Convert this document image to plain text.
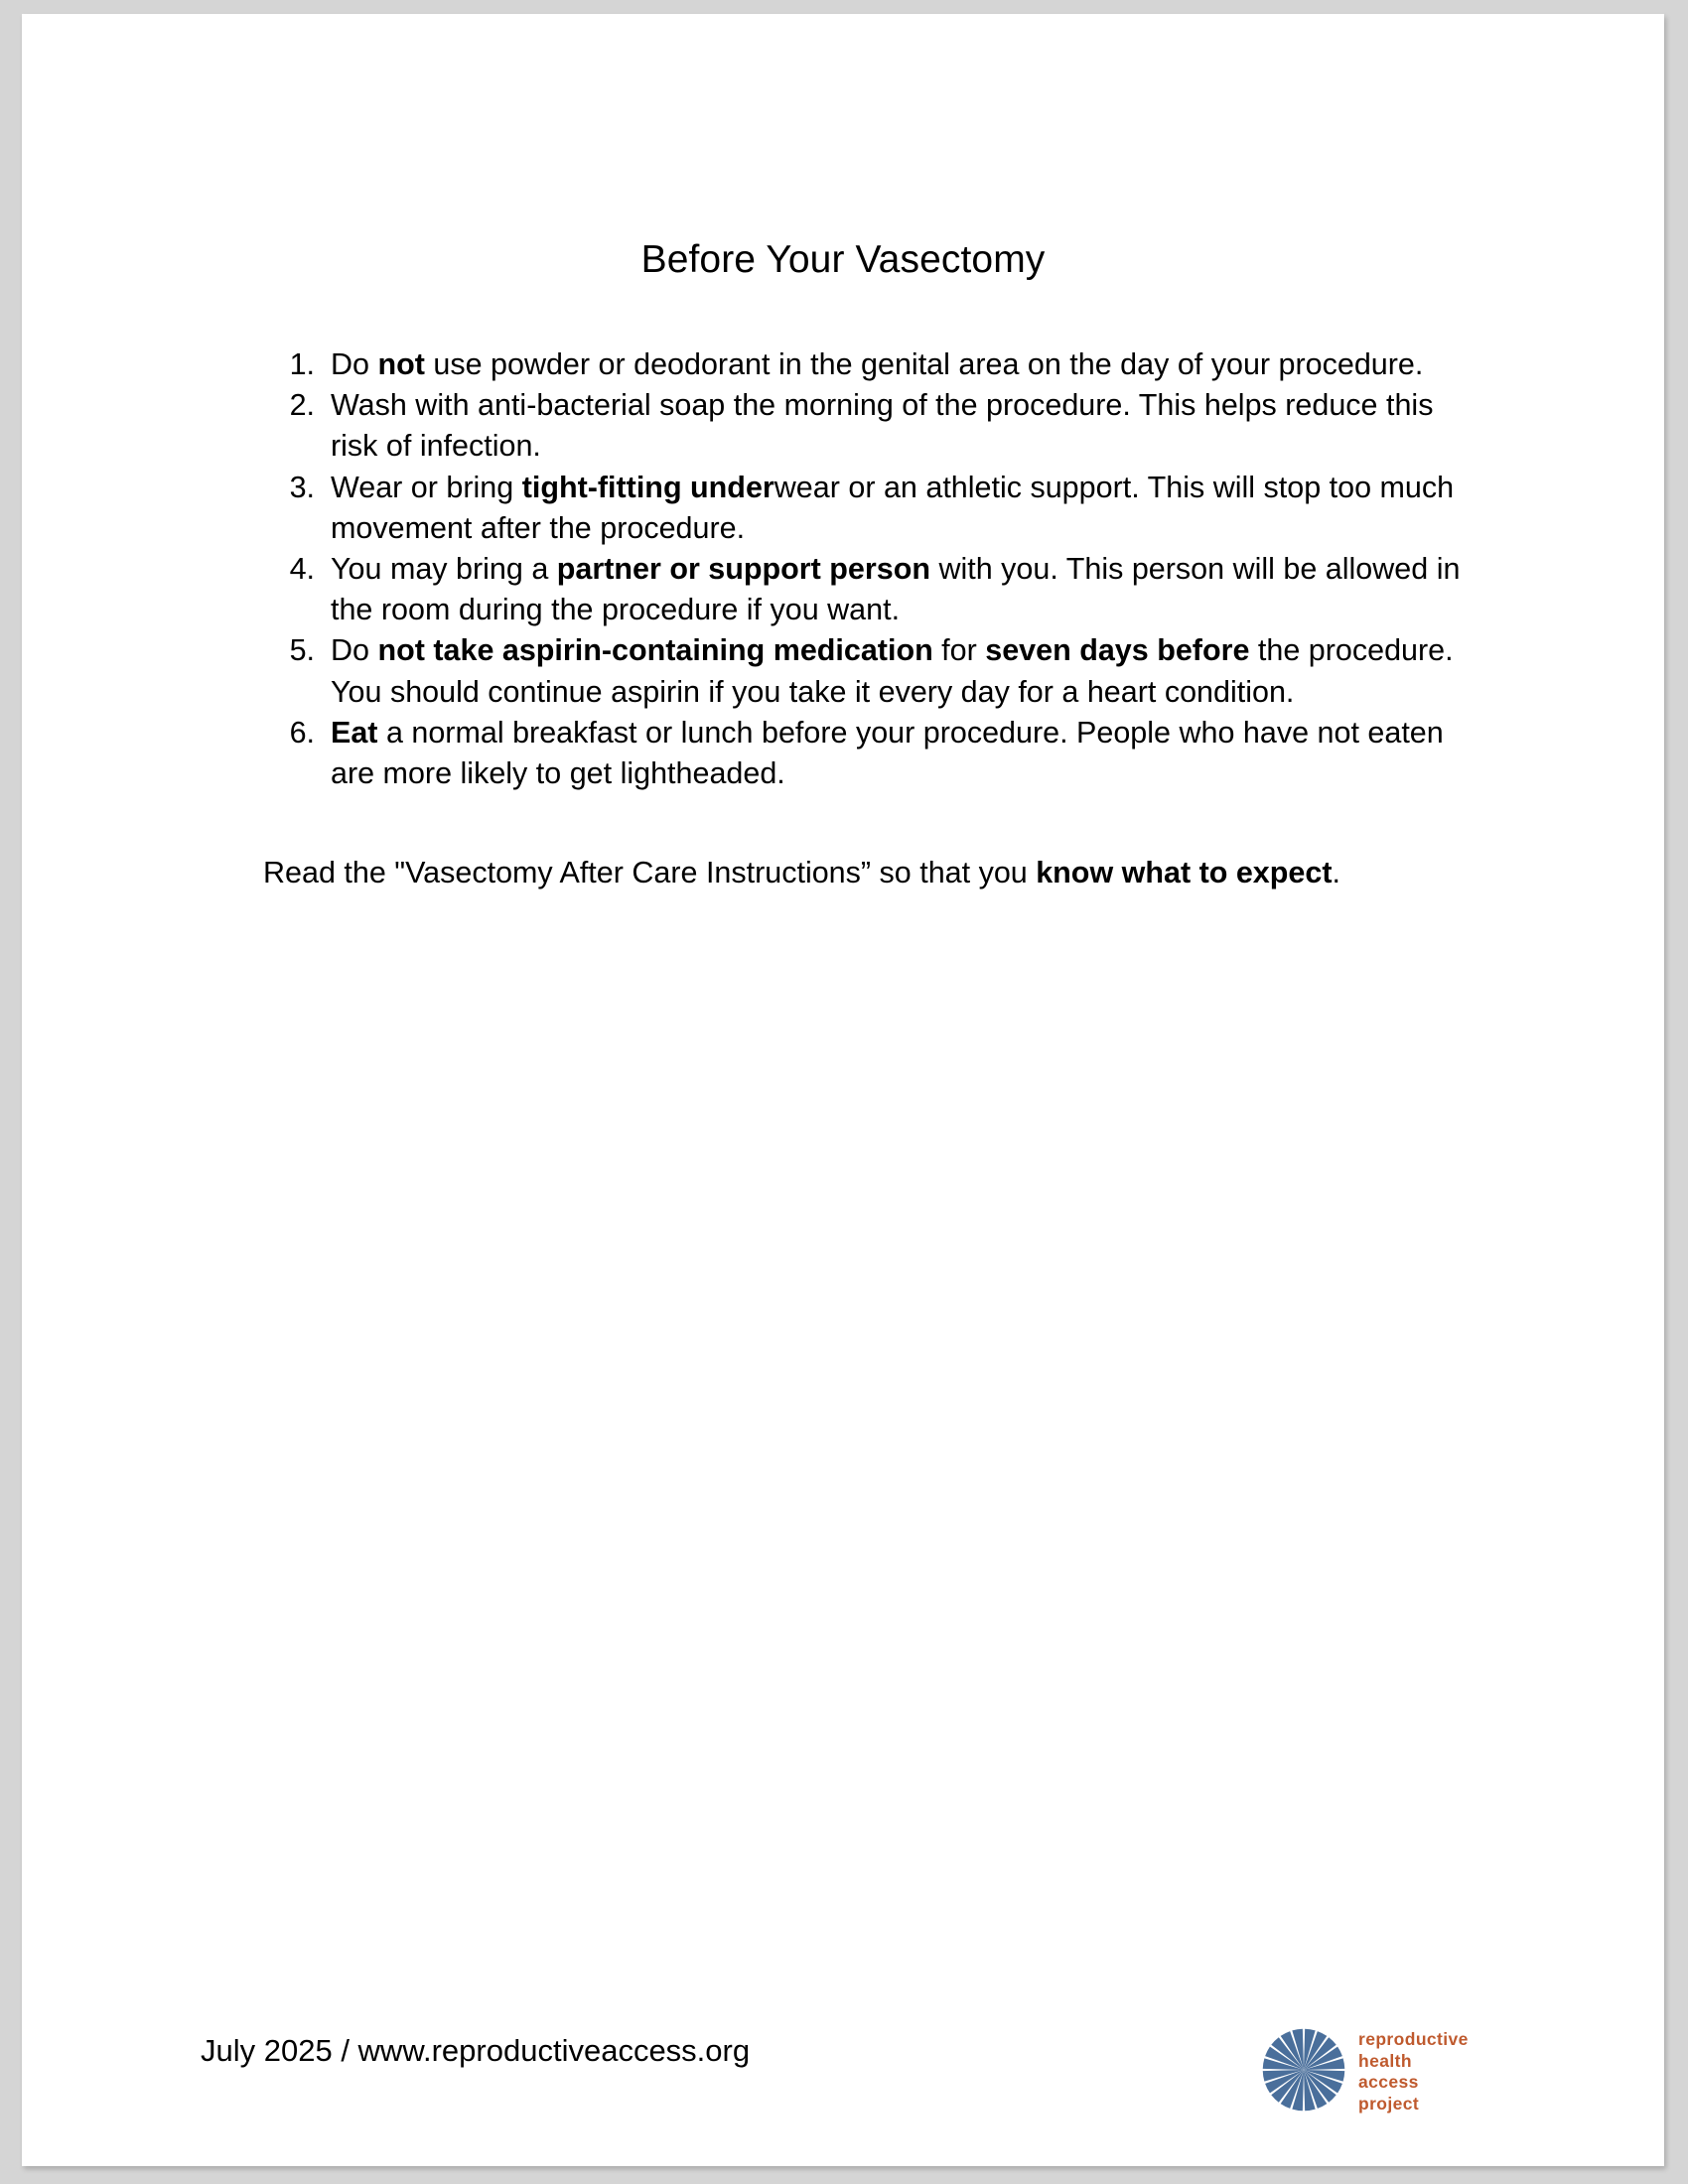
Before Your Vasectomy
1. Do not use powder or deodorant in the genital area on the day of your procedure.
2. Wash with anti-bacterial soap the morning of the procedure. This helps reduce this risk of infection.
3. Wear or bring tight-fitting underwear or an athletic support. This will stop too much movement after the procedure.
4. You may bring a partner or support person with you. This person will be allowed in the room during the procedure if you want.
5. Do not take aspirin-containing medication for seven days before the procedure. You should continue aspirin if you take it every day for a heart condition.
6. Eat a normal breakfast or lunch before your procedure. People who have not eaten are more likely to get lightheaded.
Read the "Vasectomy After Care Instructions” so that you know what to expect.
July 2025 / www.reproductiveaccess.org	reproductive
health
access
project
